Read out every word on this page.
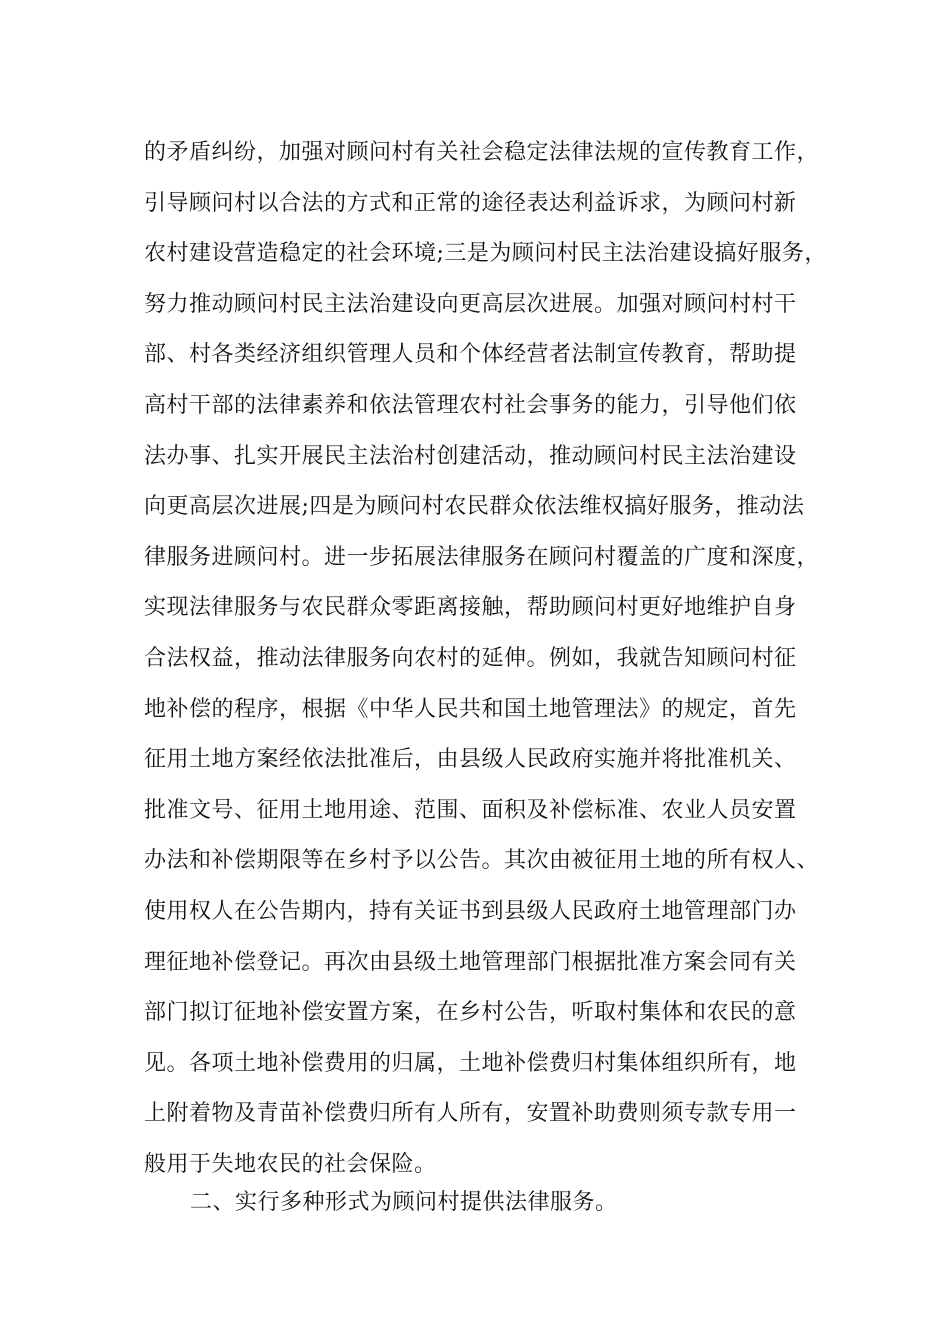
的矛盾纠纷，加强对顾问村有关社会稳定法律法规的宣传教育工作，
引导顾问村以合法的方式和正常的途径表达利益诉求，为顾问村新
农村建设营造稳定的社会环境;三是为顾问村民主法治建设搞好服务，
努力推动顾问村民主法治建设向更高层次进展。加强对顾问村村干
部、村各类经济组织管理人员和个体经营者法制宣传教育，帮助提
高村干部的法律素养和依法管理农村社会事务的能力，引导他们依
法办事、扎实开展民主法治村创建活动，推动顾问村民主法治建设
向更高层次进展;四是为顾问村农民群众依法维权搞好服务，推动法
律服务进顾问村。进一步拓展法律服务在顾问村覆盖的广度和深度，
实现法律服务与农民群众零距离接触，帮助顾问村更好地维护自身
合法权益，推动法律服务向农村的延伸。例如，我就告知顾问村征
地补偿的程序，根据《中华人民共和国土地管理法》的规定，首先
征用土地方案经依法批准后，由县级人民政府实施并将批准机关、
批准文号、征用土地用途、范围、面积及补偿标准、农业人员安置
办法和补偿期限等在乡村予以公告。其次由被征用土地的所有权人、
使用权人在公告期内，持有关证书到县级人民政府土地管理部门办
理征地补偿登记。再次由县级土地管理部门根据批准方案会同有关
部门拟订征地补偿安置方案，在乡村公告，听取村集体和农民的意
见。各项土地补偿费用的归属，土地补偿费归村集体组织所有，地
上附着物及青苗补偿费归所有人所有，安置补助费则须专款专用一
般用于失地农民的社会保险。
二、实行多种形式为顾问村提供法律服务。
